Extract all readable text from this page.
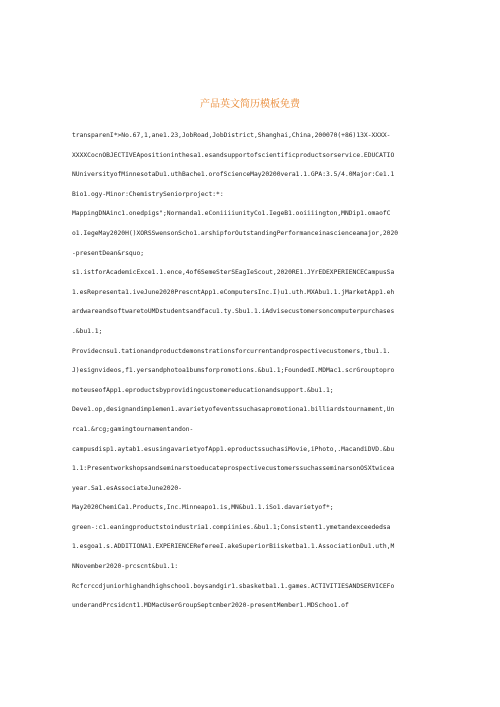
产品英文简历模板免费
transparenI*>No.67,1,ane1.23,JobRoad,JobDistrict,Shanghai,China,200070(+86)13X-XXXX-
XXXXCocnOBJECTIVEApositioninthesa1.esandsupportofscientificproductsorservice.EDUCATIO
NUniversityofMinnesotaDu1.uthBache1.orofScienceMay20200vera1.1.GPA:3.5/4.0Major:Ce1.1
Bio1.ogy-Minor:ChemistrySeniorproject:*:
MappingDNAinc1.onedpigs";Normanda1.eConiiiiunityCo1.IegeB1.ooiiiington,MNDip1.omaofC
o1.IegeMay2020H()XORSSwensonScho1.arshipforOutstandingPerformanceinascienceamajor,2020
-presentDean&rsquo;
s1.istforAcademicExce1.1.ence,4of6SemeSterSEagIeScout,2020RE1.JYrEDEXPERIENCECampusSa
1.esRepresenta1.iveJune2020PrescntApp1.eComputersInc.I)u1.uth.MXAbu1.1.jMarketApp1.eh
ardwareandsoftwaretoUMDstudentsandfacu1.ty.Sbu1.1.iAdvisecustomersoncomputerpurchases
.&bu1.1;
Providecnsu1.tationandproductdemonstrationsforcurrentandprospectivecustomers,tbu1.1.
J)esignvideos,f1.yersandphotoa1bumsforpromotions.&bu1.1;FoundedI.MDMac1.scrGrouptopro
moteuseofApp1.eproductsbyprovidingcustomereducationandsupport.&bu1.1;
Deve1.op,designandimp1emen1.avarietyofeventssuchasapromotiona1.billiardstournament,Un
rca1.&rcg;gamingtournamentandon-
campusdisp1.aytab1.esusingavarietyofApp1.eproductssuchasiMovie,iPhoto,.MacandiDVD.&bu
1.1:PresentworkshopsandseminarstoeducateprospectivecustomerssuchasseminarsonOSXtwicea
year.Sa1.esAssociateJune2020-
May2020ChemiCa1.Products,Inc.Minneapo1.is,MN&bu1.1.iSo1.davarietyof*;
green-:c1.eaningproductstoindustria1.compiinies.&bu1.1;Consistent1.ymetandexceededsa
1.esgoa1.s.ADDITIONA1.EXPERIENCERefereeI.akeSuperiorBiisketba1.1.AssociationDu1.uth,M
NNovember2020-prcscnt&bu1.1:
Rcfcrccdjuniorhighandhighschoo1.boysandgir1.sbasketba1.1.games.ACTIVITIESANDSERVICEFo
underandPrcsidcnt1.MDMacUserGroupSeptcmber2020-presentMember1.MDSchoo1.of
